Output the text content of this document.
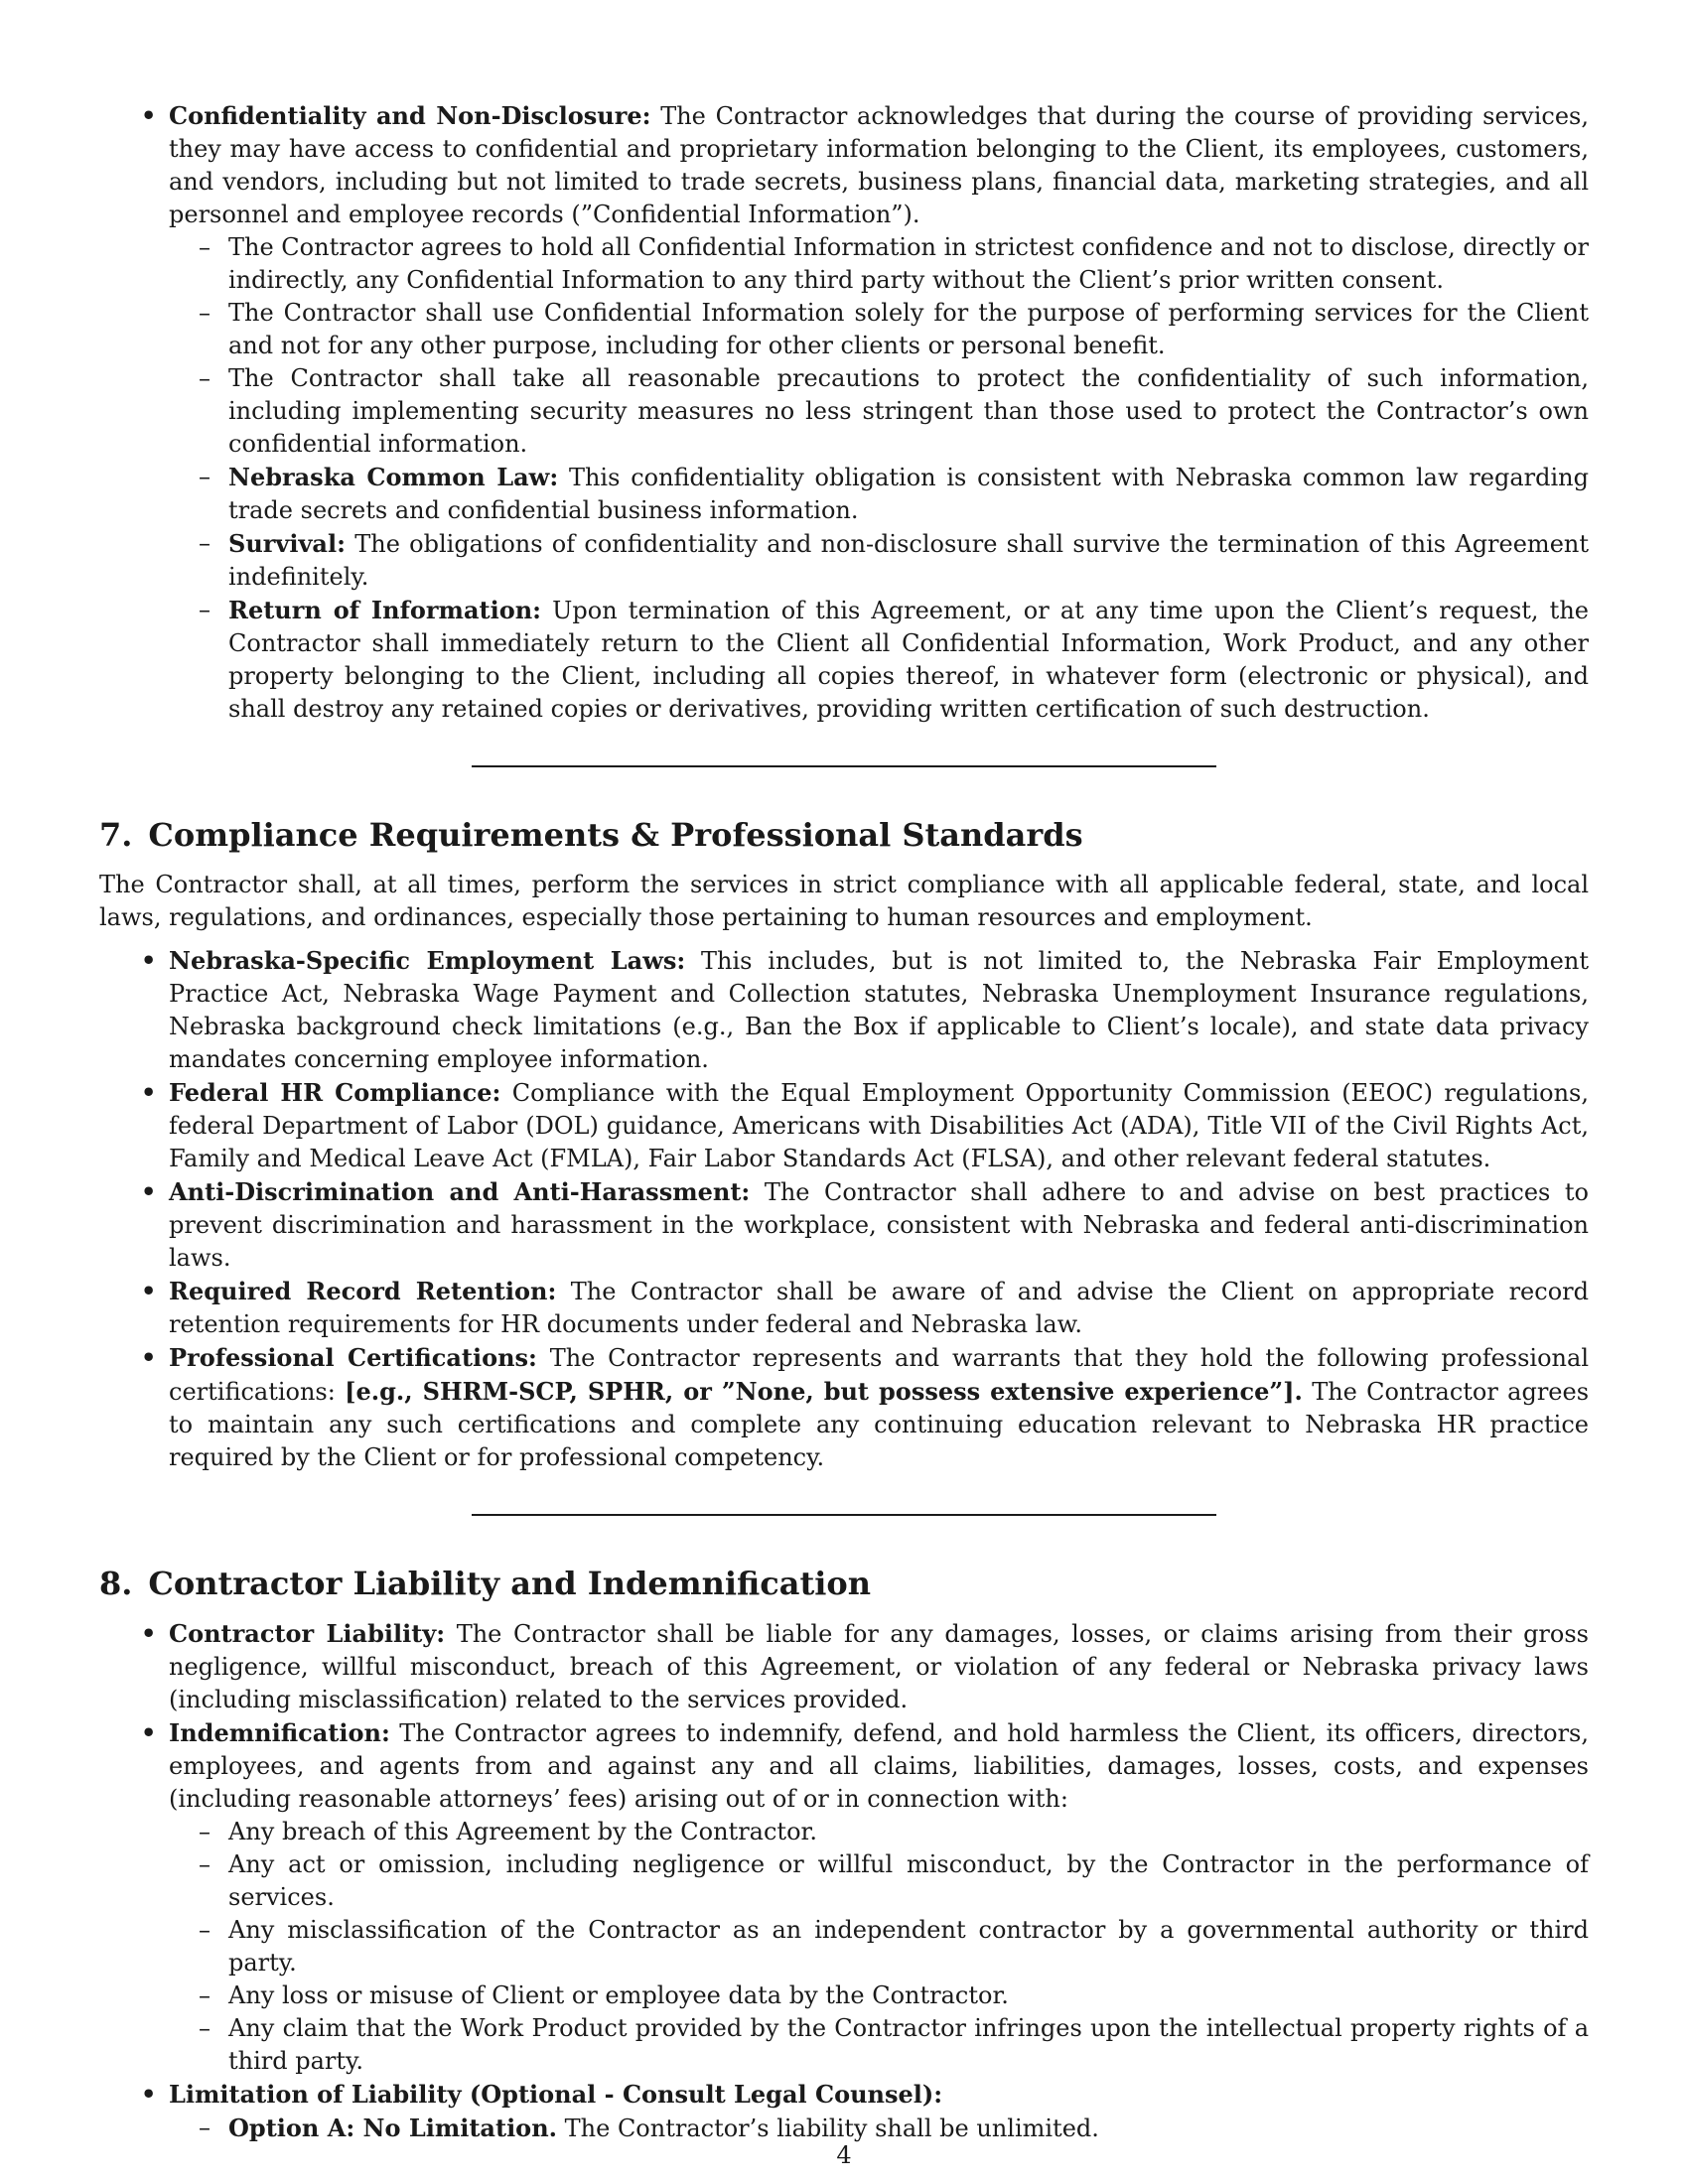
• Confidentiality and Non-Disclosure: The Contractor acknowledges that during the course of providing services, they may have access to confidential and proprietary information belonging to the Client, its employees, customers, and vendors, including but not limited to trade secrets, business plans, financial data, marketing strategies, and all personnel and employee records (”Confidential Information”).
– The Contractor agrees to hold all Confidential Information in strictest confidence and not to disclose, directly or indirectly, any Confidential Information to any third party without the Client’s prior written consent.
– The Contractor shall use Confidential Information solely for the purpose of performing services for the Client and not for any other purpose, including for other clients or personal benefit.
– The Contractor shall take all reasonable precautions to protect the confidentiality of such information, including implementing security measures no less stringent than those used to protect the Contractor’s own confidential information.
– Nebraska Common Law: This confidentiality obligation is consistent with Nebraska common law regarding trade secrets and confidential business information.
– Survival: The obligations of confidentiality and non-disclosure shall survive the termination of this Agreement indefinitely.
– Return of Information: Upon termination of this Agreement, or at any time upon the Client’s request, the Contractor shall immediately return to the Client all Confidential Information, Work Product, and any other property belonging to the Client, including all copies thereof, in whatever form (electronic or physical), and shall destroy any retained copies or derivatives, providing written certification of such destruction.
7. Compliance Requirements & Professional Standards

The Contractor shall, at all times, perform the services in strict compliance with all applicable federal, state, and local laws, regulations, and ordinances, especially those pertaining to human resources and employment.

• Nebraska-Specific Employment Laws: This includes, but is not limited to, the Nebraska Fair Employment Practice Act, Nebraska Wage Payment and Collection statutes, Nebraska Unemployment Insurance regulations, Nebraska background check limitations (e.g., Ban the Box if applicable to Client’s locale), and state data privacy mandates concerning employee information.
• Federal HR Compliance: Compliance with the Equal Employment Opportunity Commission (EEOC) regulations, federal Department of Labor (DOL) guidance, Americans with Disabilities Act (ADA), Title VII of the Civil Rights Act, Family and Medical Leave Act (FMLA), Fair Labor Standards Act (FLSA), and other relevant federal statutes.
• Anti-Discrimination and Anti-Harassment: The Contractor shall adhere to and advise on best practices to prevent discrimination and harassment in the workplace, consistent with Nebraska and federal anti-discrimination laws.
• Required Record Retention: The Contractor shall be aware of and advise the Client on appropriate record retention requirements for HR documents under federal and Nebraska law.
• Professional Certifications: The Contractor represents and warrants that they hold the following professional certifications: [e.g., SHRM-SCP, SPHR, or ”None, but possess extensive experience”]. The Contractor agrees to maintain any such certifications and complete any continuing education relevant to Nebraska HR practice required by the Client or for professional competency.
8. Contractor Liability and Indemnification
• Contractor Liability: The Contractor shall be liable for any damages, losses, or claims arising from their gross negligence, willful misconduct, breach of this Agreement, or violation of any federal or Nebraska privacy laws (including misclassification) related to the services provided.
• Indemnification: The Contractor agrees to indemnify, defend, and hold harmless the Client, its officers, directors, employees, and agents from and against any and all claims, liabilities, damages, losses, costs, and expenses (including reasonable attorneys’ fees) arising out of or in connection with:
– Any breach of this Agreement by the Contractor.
– Any act or omission, including negligence or willful misconduct, by the Contractor in the performance of services.
– Any misclassification of the Contractor as an independent contractor by a governmental authority or third party.
– Any loss or misuse of Client or employee data by the Contractor.
– Any claim that the Work Product provided by the Contractor infringes upon the intellectual property rights of a third party.
• Limitation of Liability (Optional - Consult Legal Counsel):
– Option A: No Limitation. The Contractor’s liability shall be unlimited.
4
